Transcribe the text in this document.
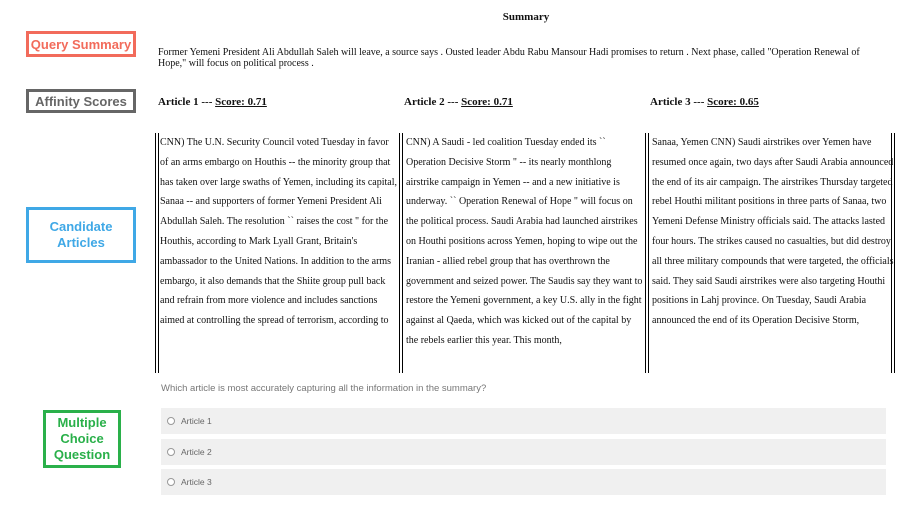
Query Summary
Affinity Scores
Candidate Articles
Multiple Choice Question
Summary
Former Yemeni President Ali Abdullah Saleh will leave, a source says . Ousted leader Abdu Rabu Mansour Hadi promises to return . Next phase, called "Operation Renewal of Hope," will focus on political process .
Article 1 --- Score: 0.71	Article 2 --- Score: 0.71	Article 3 --- Score: 0.65
CNN) The U.N. Security Council voted Tuesday in favor of an arms embargo on Houthis -- the minority group that has taken over large swaths of Yemen, including its capital, Sanaa -- and supporters of former Yemeni President Ali Abdullah Saleh. The resolution `` raises the cost " for the Houthis, according to Mark Lyall Grant, Britain's ambassador to the United Nations. In addition to the arms embargo, it also demands that the Shiite group pull back and refrain from more violence and includes sanctions aimed at controlling the spread of terrorism, according to
CNN) A Saudi - led coalition Tuesday ended its `` Operation Decisive Storm " -- its nearly monthlong airstrike campaign in Yemen -- and a new initiative is underway. `` Operation Renewal of Hope " will focus on the political process. Saudi Arabia had launched airstrikes on Houthi positions across Yemen, hoping to wipe out the Iranian - allied rebel group that has overthrown the government and seized power. The Saudis say they want to restore the Yemeni government, a key U.S. ally in the fight against al Qaeda, which was kicked out of the capital by the rebels earlier this year. This month,
Sanaa, Yemen CNN) Saudi airstrikes over Yemen have resumed once again, two days after Saudi Arabia announced the end of its air campaign. The airstrikes Thursday targeted rebel Houthi militant positions in three parts of Sanaa, two Yemeni Defense Ministry officials said. The attacks lasted four hours. The strikes caused no casualties, but did destroy all three military compounds that were targeted, the officials said. They said Saudi airstrikes were also targeting Houthi positions in Lahj province. On Tuesday, Saudi Arabia announced the end of its Operation Decisive Storm,
Which article is most accurately capturing all the information in the summary?
Article 1
Article 2
Article 3
